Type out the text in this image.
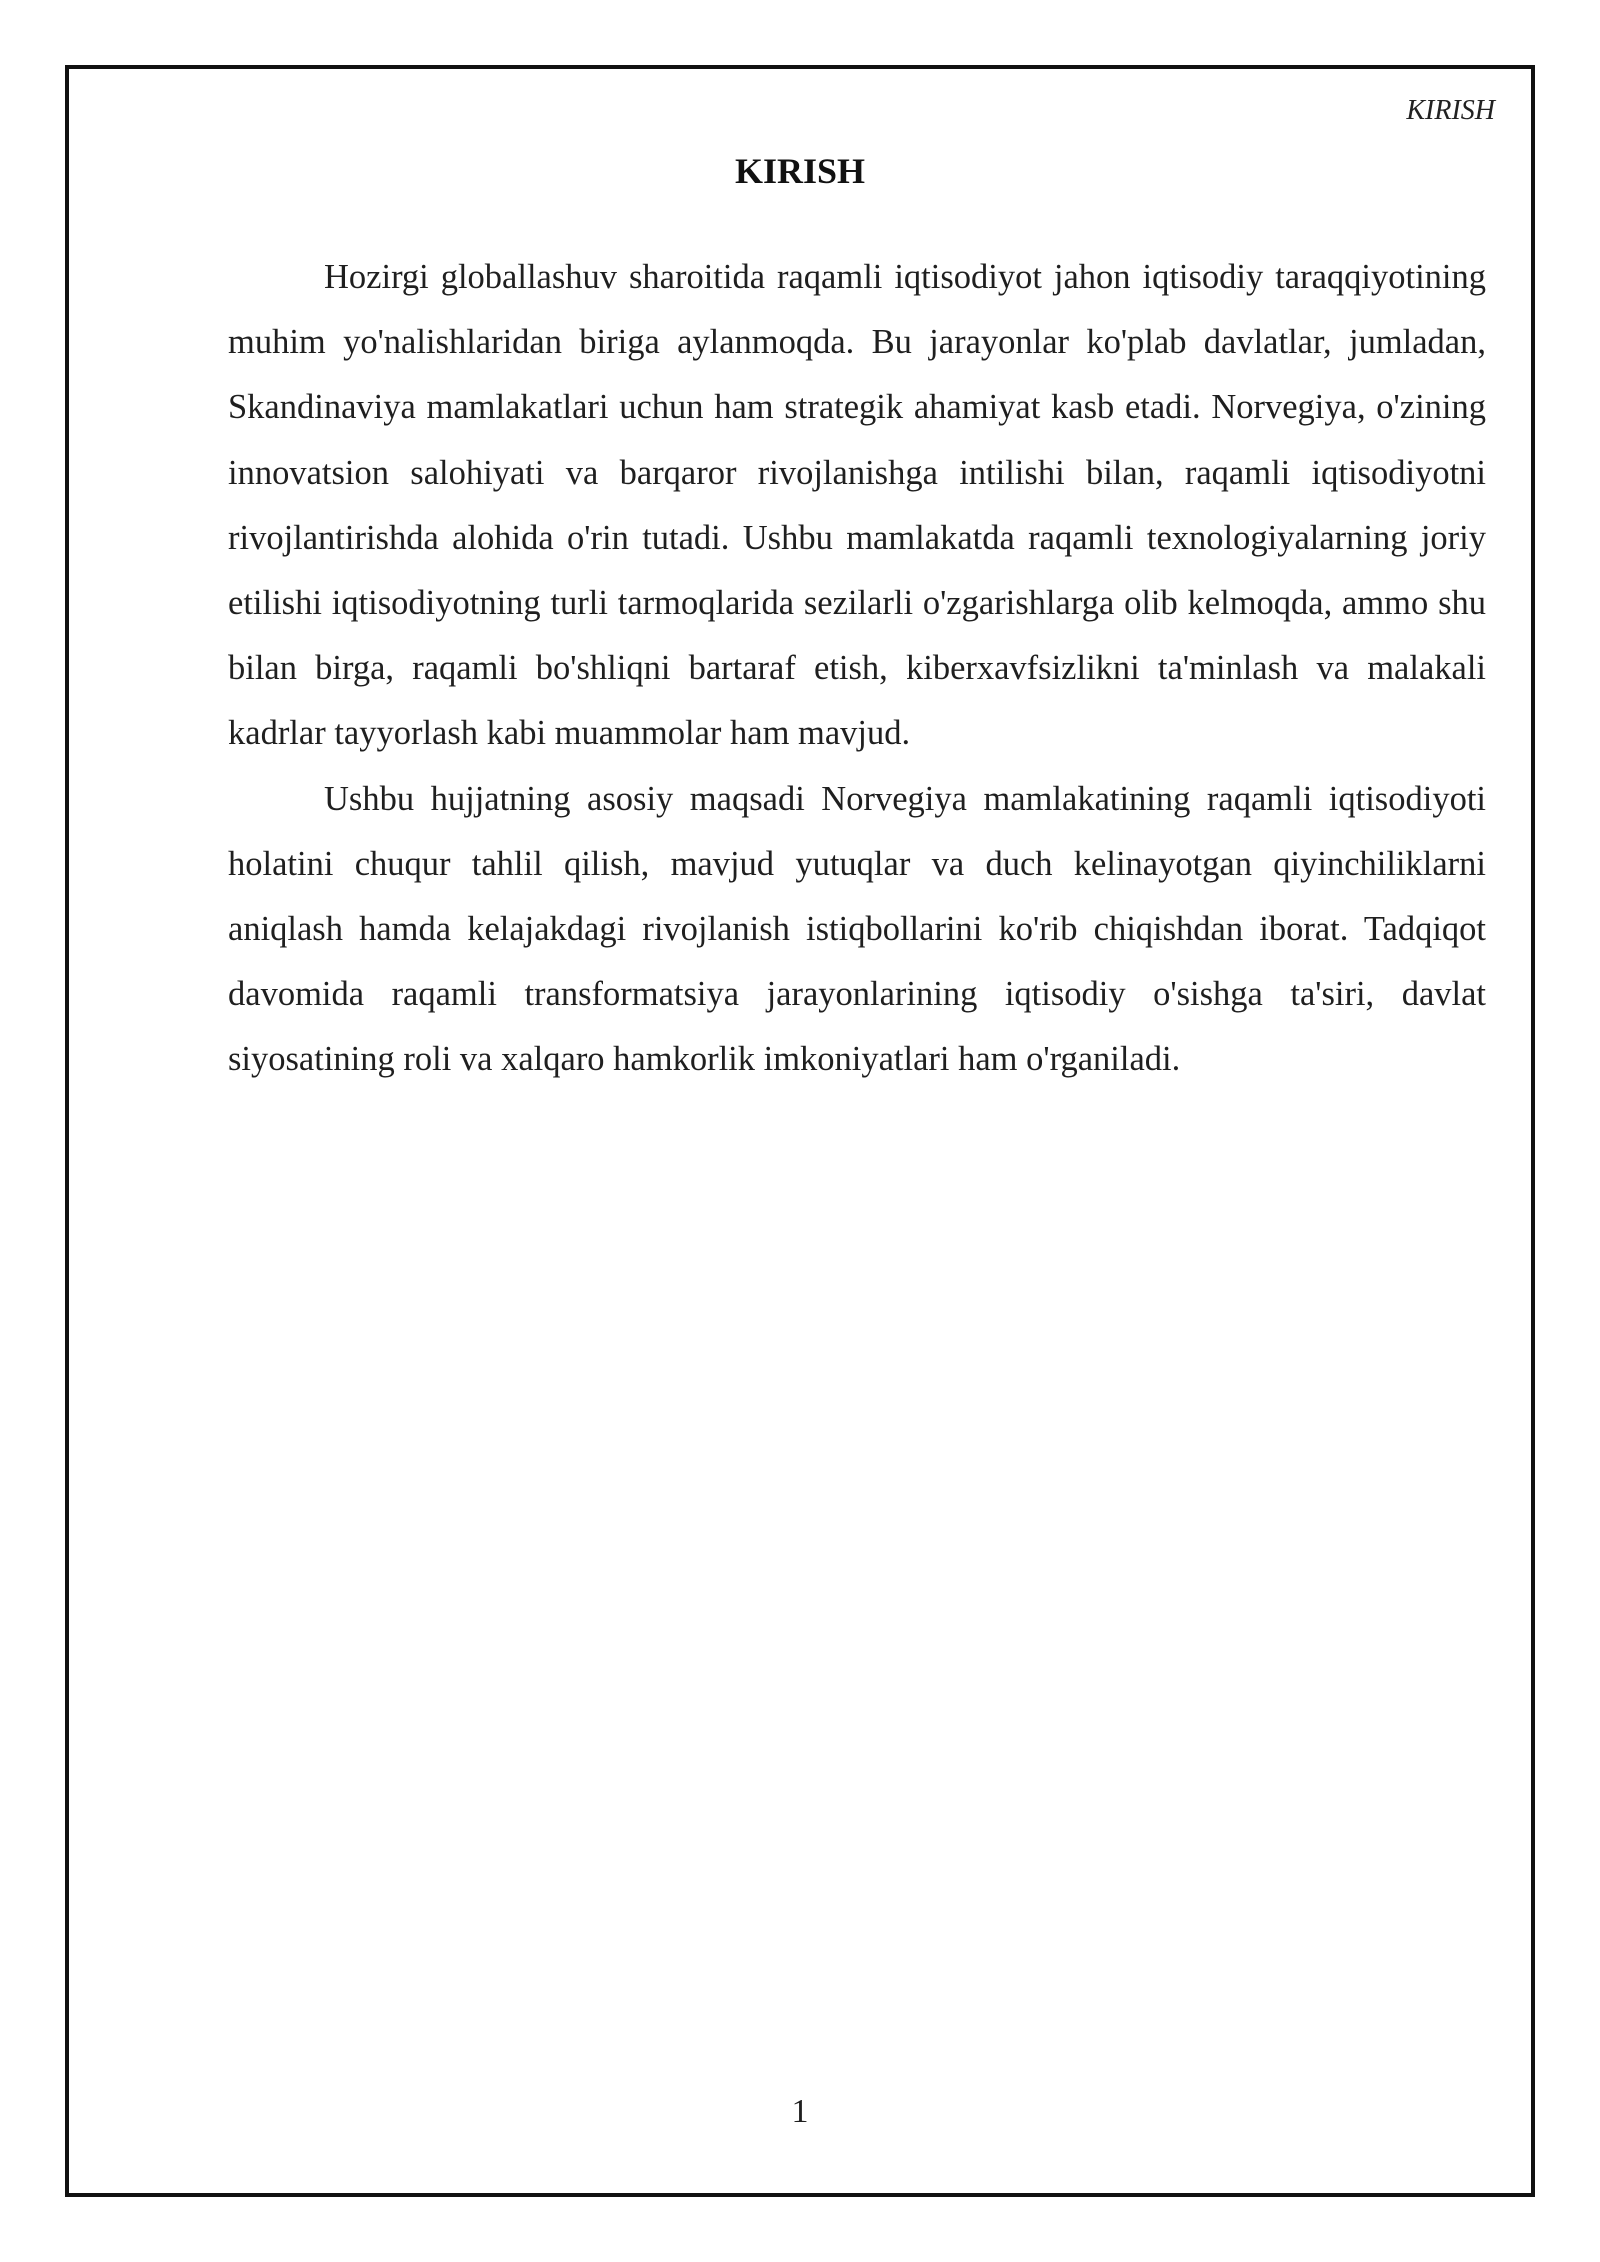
KIRISH
KIRISH

Hozirgi globallashuv sharoitida raqamli iqtisodiyot jahon iqtisodiy taraqqiyotining muhim yo'nalishlaridan biriga aylanmoqda. Bu jarayonlar ko'plab davlatlar, jumladan, Skandinaviya mamlakatlari uchun ham strategik ahamiyat kasb etadi. Norvegiya, o'zining innovatsion salohiyati va barqaror rivojlanishga intilishi bilan, raqamli iqtisodiyotni rivojlantirishda alohida o'rin tutadi. Ushbu mamlakatda raqamli texnologiyalarning joriy etilishi iqtisodiyotning turli tarmoqlarida sezilarli o'zgarishlarga olib kelmoqda, ammo shu bilan birga, raqamli bo'shliqni bartaraf etish, kiberxavfsizlikni ta'minlash va malakali kadrlar tayyorlash kabi muammolar ham mavjud.

Ushbu hujjatning asosiy maqsadi Norvegiya mamlakatining raqamli iqtisodiyoti holatini chuqur tahlil qilish, mavjud yutuqlar va duch kelinayotgan qiyinchiliklarni aniqlash hamda kelajakdagi rivojlanish istiqbollarini ko'rib chiqishdan iborat. Tadqiqot davomida raqamli transformatsiya jarayonlarining iqtisodiy o'sishga ta'siri, davlat siyosatining roli va xalqaro hamkorlik imkoniyatlari ham o'rganiladi.

1
